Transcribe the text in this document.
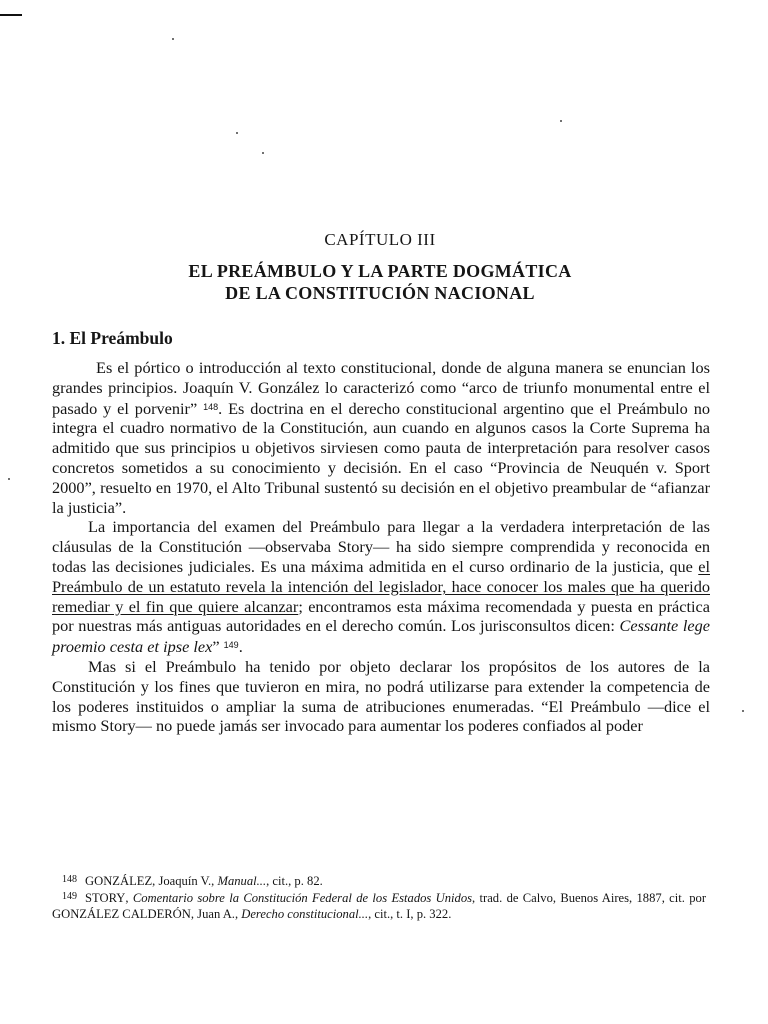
CAPÍTULO III
EL PREÁMBULO Y LA PARTE DOGMÁTICA
DE LA CONSTITUCIÓN NACIONAL
1. El Preámbulo

Es el pórtico o introducción al texto constitucional, donde de alguna manera se enuncian los grandes principios. Joaquín V. González lo caracterizó como “arco de triunfo monumental entre el pasado y el porvenir” $^{148}$. Es doctrina en el derecho constitucional argentino que el Preámbulo no integra el cuadro normativo de la Constitución, aun cuando en algunos casos la Corte Suprema ha admitido que sus principios u objetivos sirviesen como pauta de interpretación para resolver casos concretos sometidos a su conocimiento y decisión. En el caso “Provincia de Neuquén v. Sport 2000”, resuelto en 1970, el Alto Tribunal sustentó su decisión en el objetivo preambular de “afianzar la justicia”.

La importancia del examen del Preámbulo para llegar a la verdadera interpretación de las cláusulas de la Constitución —observaba Story— ha sido siempre comprendida y reconocida en todas las decisiones judiciales. Es una máxima admitida en el curso ordinario de la justicia, que el Preámbulo de un estatuto revela la intención del legislador, hace conocer los males que ha querido remediar y el fin que quiere alcanzar; encontramos esta máxima recomendada y puesta en práctica por nuestras más antiguas autoridades en el derecho común. Los jurisconsultos dicen: Cessante lege proemio cesta et ipse lex” $^{149}$.

Mas si el Preámbulo ha tenido por objeto declarar los propósitos de los autores de la Constitución y los fines que tuvieron en mira, no podrá utilizarse para extender la competencia de los poderes instituidos o ampliar la suma de atribuciones enumeradas. “El Preámbulo —dice el mismo Story— no puede jamás ser invocado para aumentar los poderes confiados al poder

$^{148}$ GONZÁLEZ, Joaquín V., Manual..., cit., p. 82.

$^{149}$ STORY, Comentario sobre la Constitución Federal de los Estados Unidos, trad. de Calvo, Buenos Aires, 1887, cit. por GONZÁLEZ CALDERÓN, Juan A., Derecho constitucional..., cit., t. I, p. 322.
